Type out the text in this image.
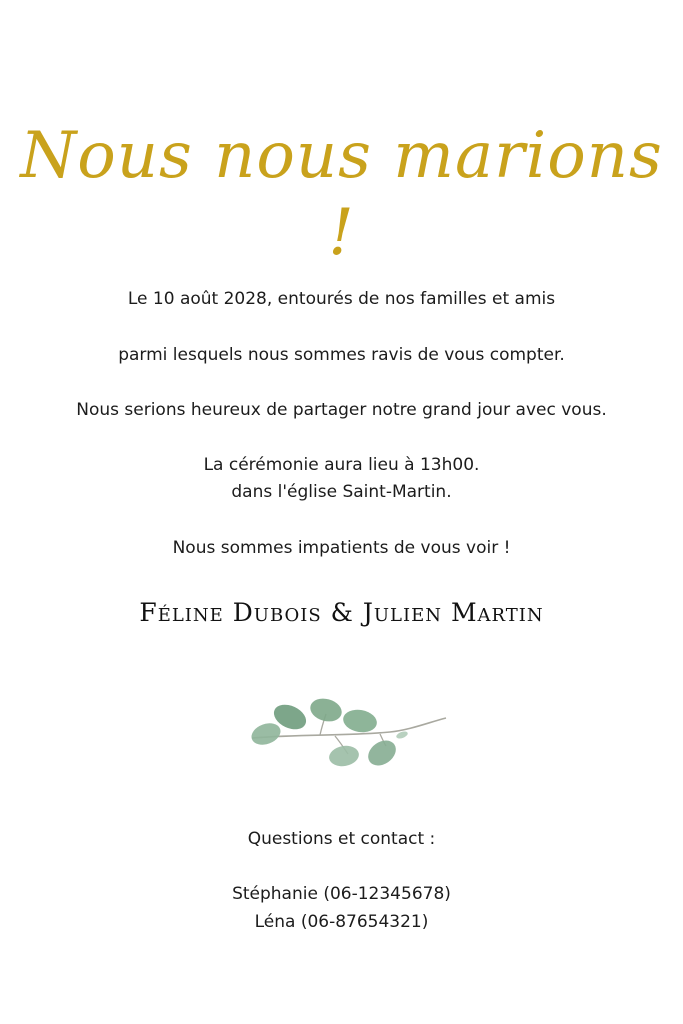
Nous nous marions !
Le 10 août 2028, entourés de nos familles et amis
parmi lesquels nous sommes ravis de vous compter.
Nous serions heureux de partager notre grand jour avec vous.
La cérémonie aura lieu à 13h00.
dans l'église Saint-Martin.
Nous sommes impatients de vous voir !
Féline Dubois & Julien Martin
Questions et contact :
Stéphanie (06-12345678)
Léna (06-87654321)
